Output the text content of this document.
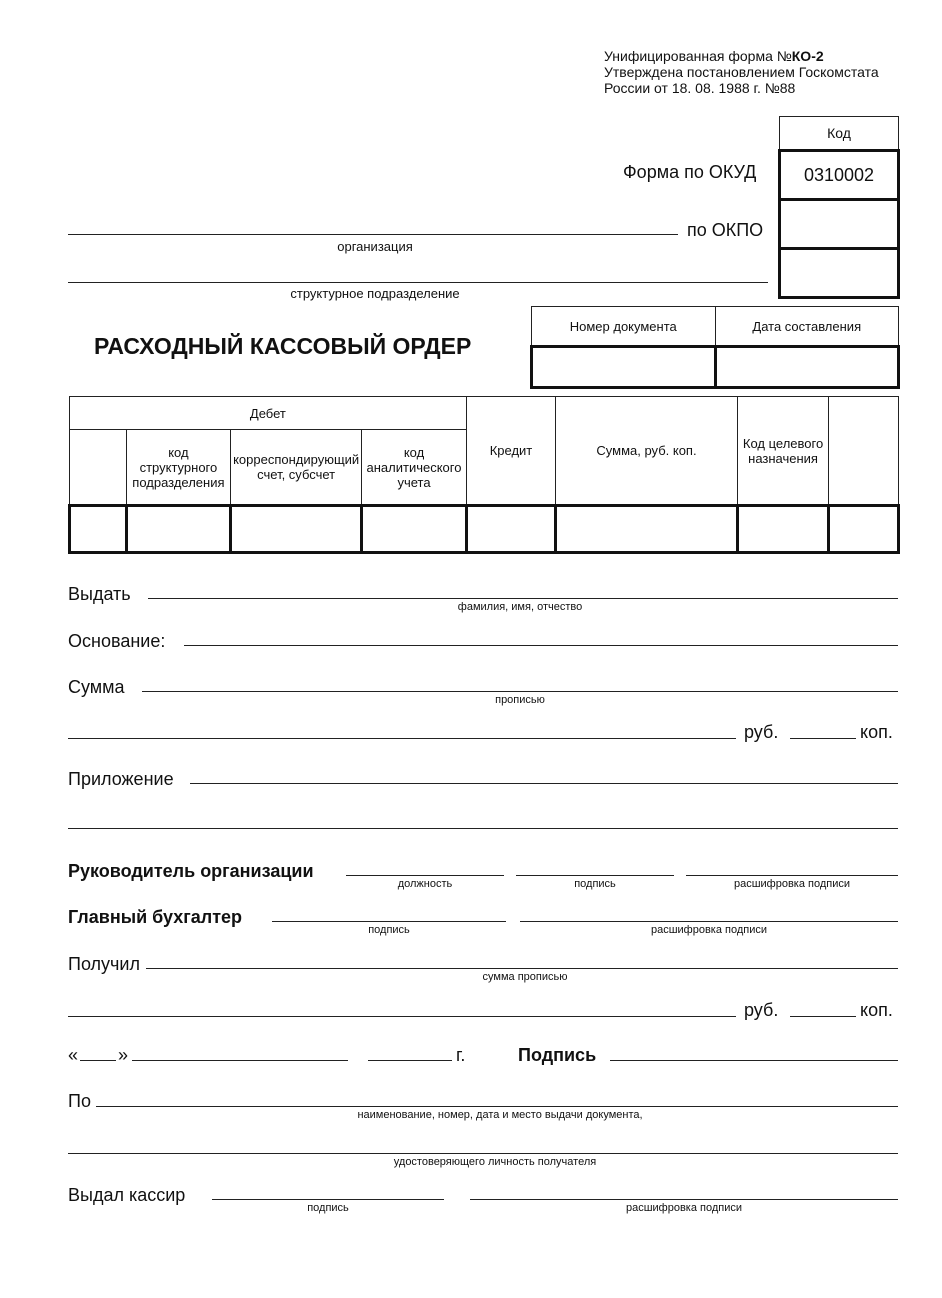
Унифицированная форма №КО-2
Утверждена постановлением Госкомстата
России от 18. 08. 1988 г. №88
Код
0310002

Форма по ОКУД
по ОКПО
организация
структурное подразделение
РАСХОДНЫЙ КАССОВЫЙ ОРДЕР
Номер документа	Дата составления

Дебет				Кредит	Сумма, руб. коп.	Код целевого назначения	
	код структурного подразделения	корреспондирующий счет, субсчет	код аналитического учета				

Выдать
фамилия, имя, отчество
Основание:
Сумма
прописью
руб.	коп.
Приложение
Руководитель организации
должность	подпись	расшифровка подписи
Главный бухгалтер
подпись	расшифровка подписи
Получил
сумма прописью
руб.	коп.
« »	г.	Подпись
По
наименование, номер, дата и место выдачи документа,
удостоверяющего личность получателя
Выдал кассир
подпись	расшифровка подписи
